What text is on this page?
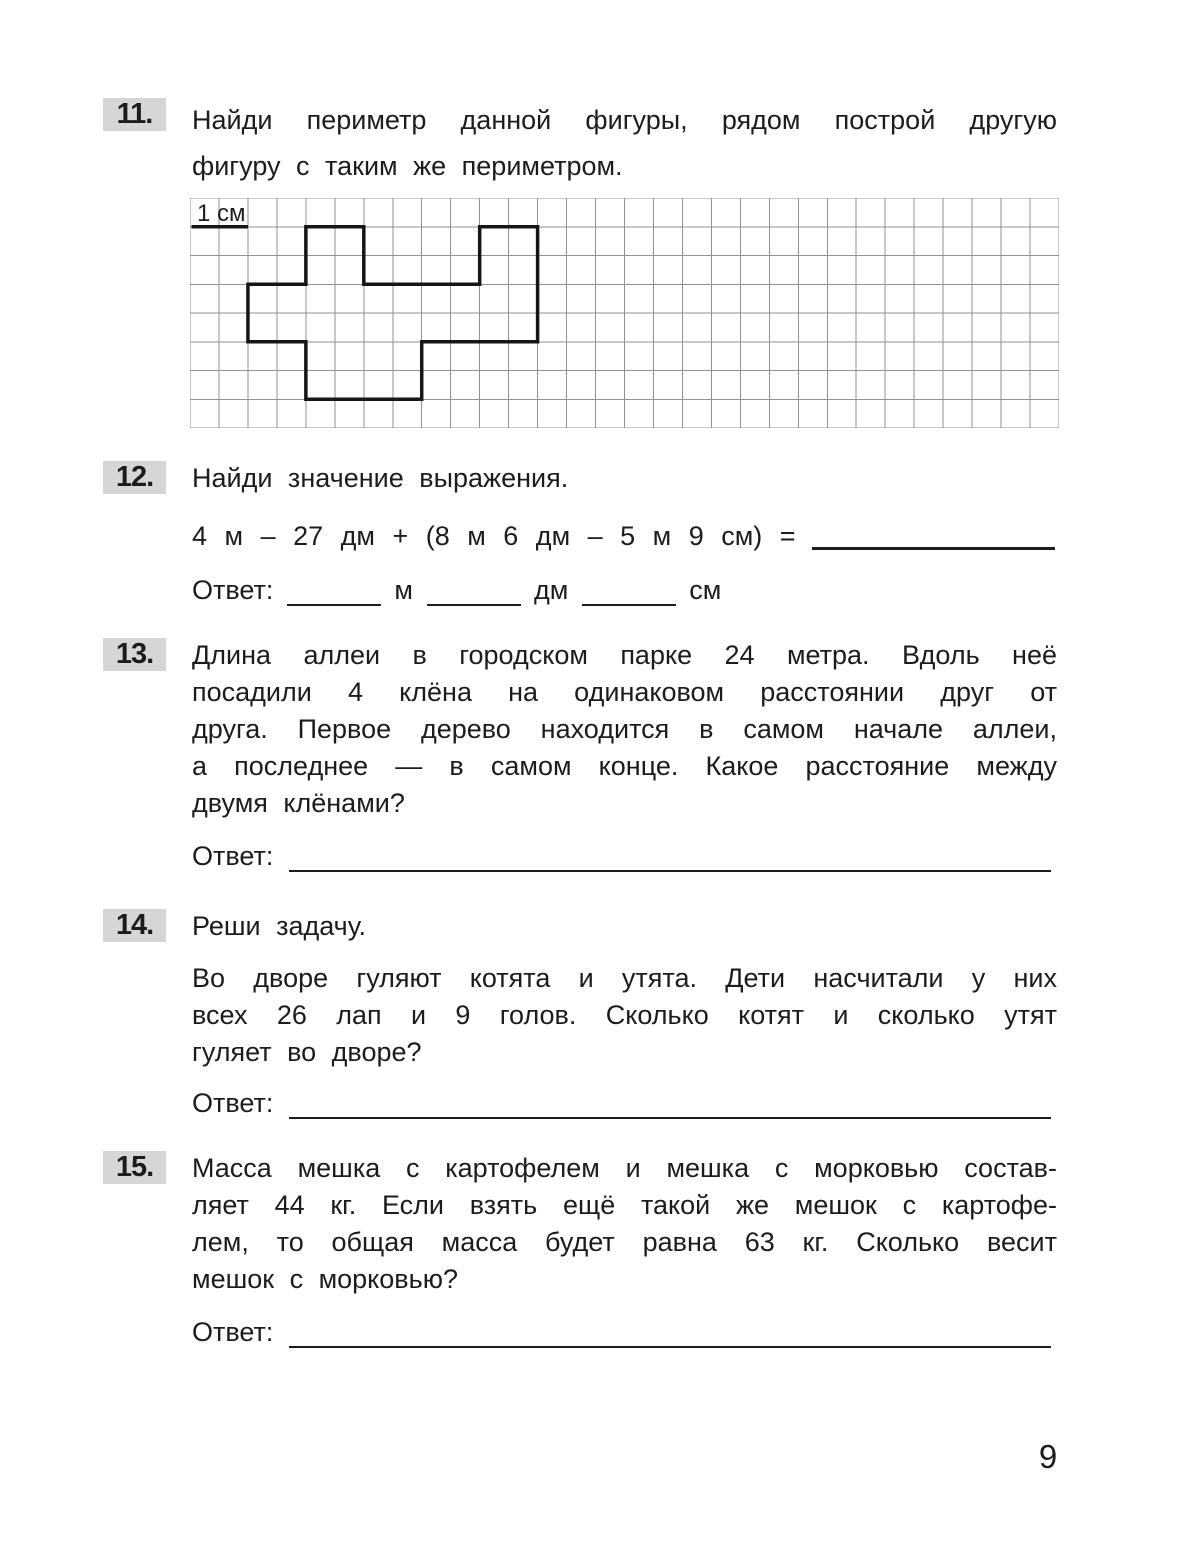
11.	Найди периметр данной фигуры, рядом построй другую
фигуру с таким же периметром.
1 см
12.	Найди значение выражения.
4 м – 27 дм + (8 м 6 дм – 5 м 9 см) =
Ответ:	м	дм	см
13.	Длина аллеи в городском парке 24 метра. Вдоль неё
посадили 4 клёна на одинаковом расстоянии друг от
друга. Первое дерево находится в самом начале аллеи,
а последнее — в самом конце. Какое расстояние между
двумя клёнами?
Ответ:
14.	Реши задачу.
Во дворе гуляют котята и утята. Дети насчитали у них
всех 26 лап и 9 голов. Сколько котят и сколько утят
гуляет во дворе?
Ответ:
15.	Масса мешка с картофелем и мешка с морковью состав-
ляет 44 кг. Если взять ещё такой же мешок с картофе-
лем, то общая масса будет равна 63 кг. Сколько весит
мешок с морковью?
Ответ:
9
